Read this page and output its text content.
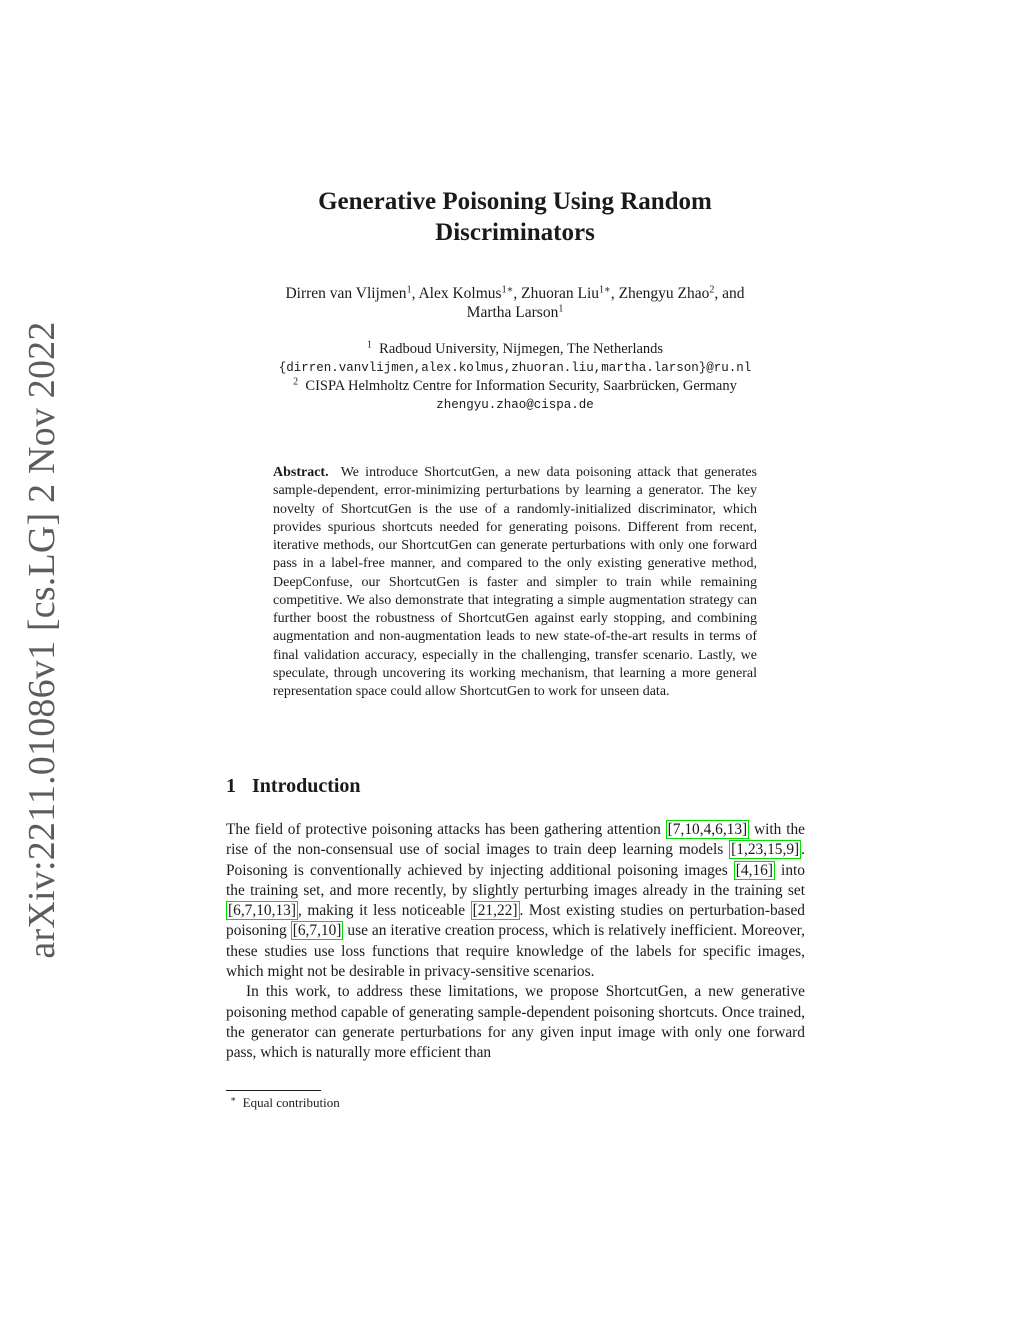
arXiv:2211.01086v1 [cs.LG] 2 Nov 2022
Generative Poisoning Using Random
Discriminators
Dirren van Vlijmen$^1$, Alex Kolmus$^{1∗}$, Zhuoran Liu$^{1∗}$, Zhengyu Zhao$^2$, and
Martha Larson$^1$
$^1$ Radboud University, Nijmegen, The Netherlands
{dirren.vanvlijmen,alex.kolmus,zhuoran.liu,martha.larson}@ru.nl
$^2$ CISPA Helmholtz Centre for Information Security, Saarbrücken, Germany
zhengyu.zhao@cispa.de
Abstract. We introduce ShortcutGen, a new data poisoning attack that generates sample-dependent, error-minimizing perturbations by learning a generator. The key novelty of ShortcutGen is the use of a randomly-initialized discriminator, which provides spurious shortcuts needed for generating poisons. Different from recent, iterative methods, our ShortcutGen can generate perturbations with only one forward pass in a label-free manner, and compared to the only existing generative method, DeepConfuse, our ShortcutGen is faster and simpler to train while remaining competitive. We also demonstrate that integrating a simple augmentation strategy can further boost the robustness of ShortcutGen against early stopping, and combining augmentation and non-augmentation leads to new state-of-the-art results in terms of final validation accuracy, especially in the challenging, transfer scenario. Lastly, we speculate, through uncovering its working mechanism, that learning a more general representation space could allow ShortcutGen to work for unseen data.
1 Introduction

The field of protective poisoning attacks has been gathering attention [7,10,4,6,13] with the rise of the non-consensual use of social images to train deep learning models [1,23,15,9] . Poisoning is conventionally achieved by injecting additional poisoning images [4,16] into the training set, and more recently, by slightly perturbing images already in the training set [6,7,10,13] , making it less noticeable [21,22] . Most existing studies on perturbation-based poisoning [6,7,10] use an iterative creation process, which is relatively inefficient. Moreover, these studies use loss functions that require knowledge of the labels for specific images, which might not be desirable in privacy-sensitive scenarios.

In this work, to address these limitations, we propose ShortcutGen, a new generative poisoning method capable of generating sample-dependent poisoning shortcuts. Once trained, the generator can generate perturbations for any given input image with only one forward pass, which is naturally more efficient than

∗ Equal contribution
